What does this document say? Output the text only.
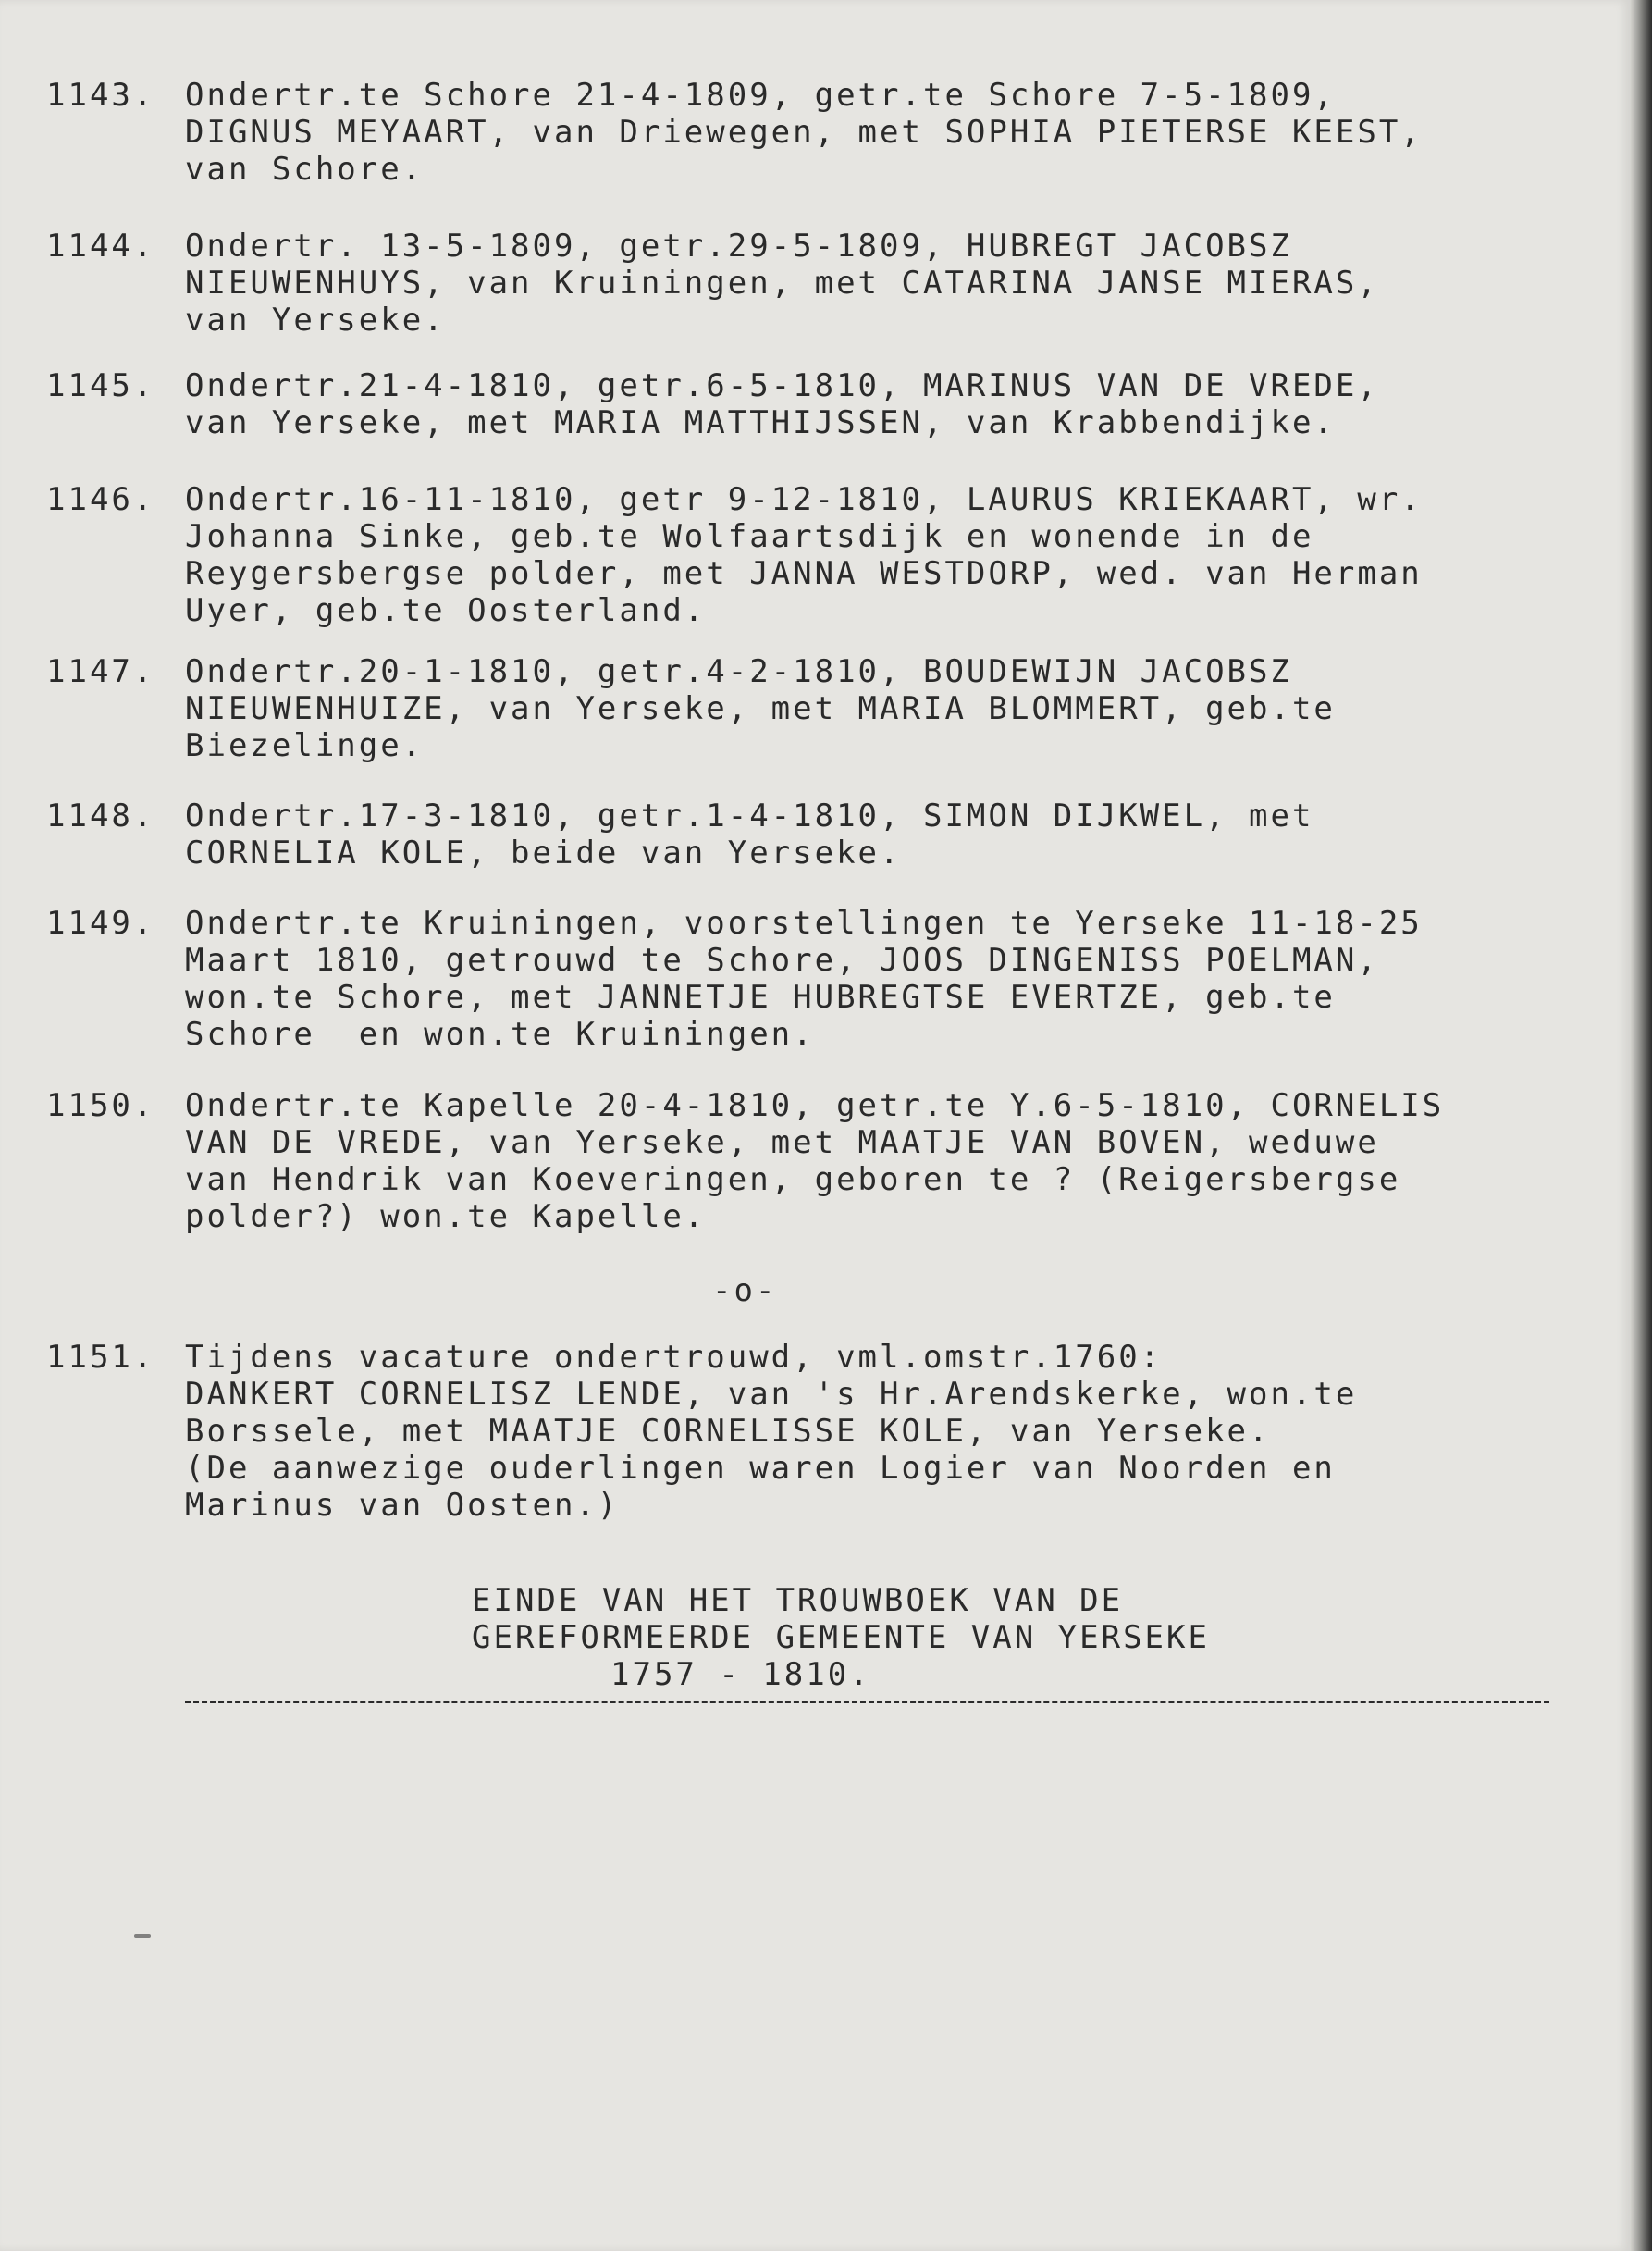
1143. Ondertr.te Schore 21-4-1809, getr.te Schore 7-5-1809,
DIGNUS MEYAART, van Driewegen, met SOPHIA PIETERSE KEEST,
van Schore.
1144. Ondertr. 13-5-1809, getr.29-5-1809, HUBREGT JACOBSZ
NIEUWENHUYS, van Kruiningen, met CATARINA JANSE MIERAS,
van Yerseke.
1145. Ondertr.21-4-1810, getr.6-5-1810, MARINUS VAN DE VREDE,
van Yerseke, met MARIA MATTHIJSSEN, van Krabbendijke.
1146. Ondertr.16-11-1810, getr 9-12-1810, LAURUS KRIEKAART, wr.
Johanna Sinke, geb.te Wolfaartsdijk en wonende in de
Reygersbergse polder, met JANNA WESTDORP, wed. van Herman
Uyer, geb.te Oosterland.
1147. Ondertr.20-1-1810, getr.4-2-1810, BOUDEWIJN JACOBSZ
NIEUWENHUIZE, van Yerseke, met MARIA BLOMMERT, geb.te
Biezelinge.
1148. Ondertr.17-3-1810, getr.1-4-1810, SIMON DIJKWEL, met
CORNELIA KOLE, beide van Yerseke.
1149. Ondertr.te Kruiningen, voorstellingen te Yerseke 11-18-25
Maart 1810, getrouwd te Schore, JOOS DINGENISS POELMAN,
won.te Schore, met JANNETJE HUBREGTSE EVERTZE, geb.te
Schore  en won.te Kruiningen.
1150. Ondertr.te Kapelle 20-4-1810, getr.te Y.6-5-1810, CORNELIS
VAN DE VREDE, van Yerseke, met MAATJE VAN BOVEN, weduwe
van Hendrik van Koeveringen, geboren te ? (Reigersbergse
polder?) won.te Kapelle.
-o-
1151. Tijdens vacature ondertrouwd, vml.omstr.1760:
DANKERT CORNELISZ LENDE, van 's Hr.Arendskerke, won.te
Borssele, met MAATJE CORNELISSE KOLE, van Yerseke.
(De aanwezige ouderlingen waren Logier van Noorden en
Marinus van Oosten.)
EINDE VAN HET TROUWBOEK VAN DE
GEREFORMEERDE GEMEENTE VAN YERSEKE
1757 - 1810.
